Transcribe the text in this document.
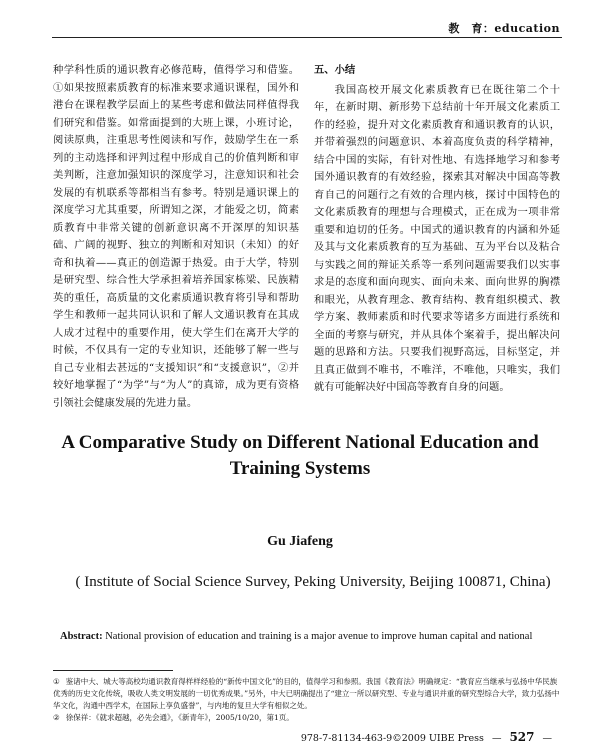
教　育：education

种学科性质的通识教育必修范畴，值得学习和借鉴。①如果按照素质教育的标准来要求通识课程，国外和港台在课程教学层面上的某些考虑和做法同样值得我们研究和借鉴。如常面提到的大班上课，小班讨论，阅读原典，注重思考性阅读和写作，鼓励学生在一系列的主动选择和评判过程中形成自己的价值判断和审美判断，注意加强知识的深度学习，注意知识和社会发展的有机联系等都相当有参考。特别是通识课上的深度学习尤其重要，所谓知之深，才能爱之切，简素质教育中非常关键的创新意识离不开深厚的知识基础、广阔的视野、独立的判断和对知识（未知）的好奇和执着——真正的创造源于热爱。由于大学，特别是研究型、综合性大学承担着培养国家栋梁、民族精英的重任，高质量的文化素质通识教育将引导和帮助学生和教师一起共同认识和了解人文通识教育在其成人成才过程中的重要作用，使大学生们在离开大学的时候，不仅具有一定的专业知识，还能够了解一些与自己专业相去甚远的“支援知识”和“支援意识”，②并较好地掌握了“为学”与“为人”的真谛，成为更有资格引领社会健康发展的先进力量。

五、小结

我国高校开展文化素质教育已在既往第二个十年，在新时期、新形势下总结前十年开展文化素质工作的经验，提升对文化素质教育和通识教育的认识，并带着强烈的问题意识、本着高度负责的科学精神，结合中国的实际，有针对性地、有选择地学习和参考国外通识教育的有效经验，探索其对解决中国高等教育自己的问题行之有效的合理内核，探讨中国特色的文化素质教育的理想与合理模式，正在成为一项非常重要和迫切的任务。中国式的通识教育的内涵和外延及其与文化素质教育的互为基础、互为平台以及粘合与实践之间的辩证关系等一系列问题需要我们以实事求是的态度和面向现实、面向未来、面向世界的胸襟和眼光，从教育理念、教育结构、教育组织模式、教学方案、教师素质和时代要求等诸多方面进行系统和全面的考察与研究，并从具体个案着手，提出解决问题的思路和方法。只要我们视野高远，目标坚定，并且真正做到不唯书，不唯洋，不唯他，只唯实，我们就有可能解决好中国高等教育自身的问题。

A Comparative Study on Different National Education and Training Systems
Gu Jiafeng
( Institute of Social Science Survey, Peking University, Beijing 100871, China)
Abstract: National provision of education and training is a major avenue to improve human capital and national

① 鉴诸中大、城大等高校均通识教育得样样经验的“新传中国文化”的目的，值得学习和参照。我国《教育法》明确规定：“教育应当继承与弘扬中华民族优秀的历史文化传统，吸收人类文明发展的一切优秀成果。”另外，中大已明确提出了“建立一所以研究型、专业与通识并重的研究型综合大学，致力弘扬中华文化，沟通中西学术，在国际上享负盛誉”，与内地的复旦大学有相似之处。

② 徐保祥：《就求超越，必先会通》，《新青年》，2005/10/20，第1页。

978-7-81134-463-9©2009 UIBE Press — 527 —
